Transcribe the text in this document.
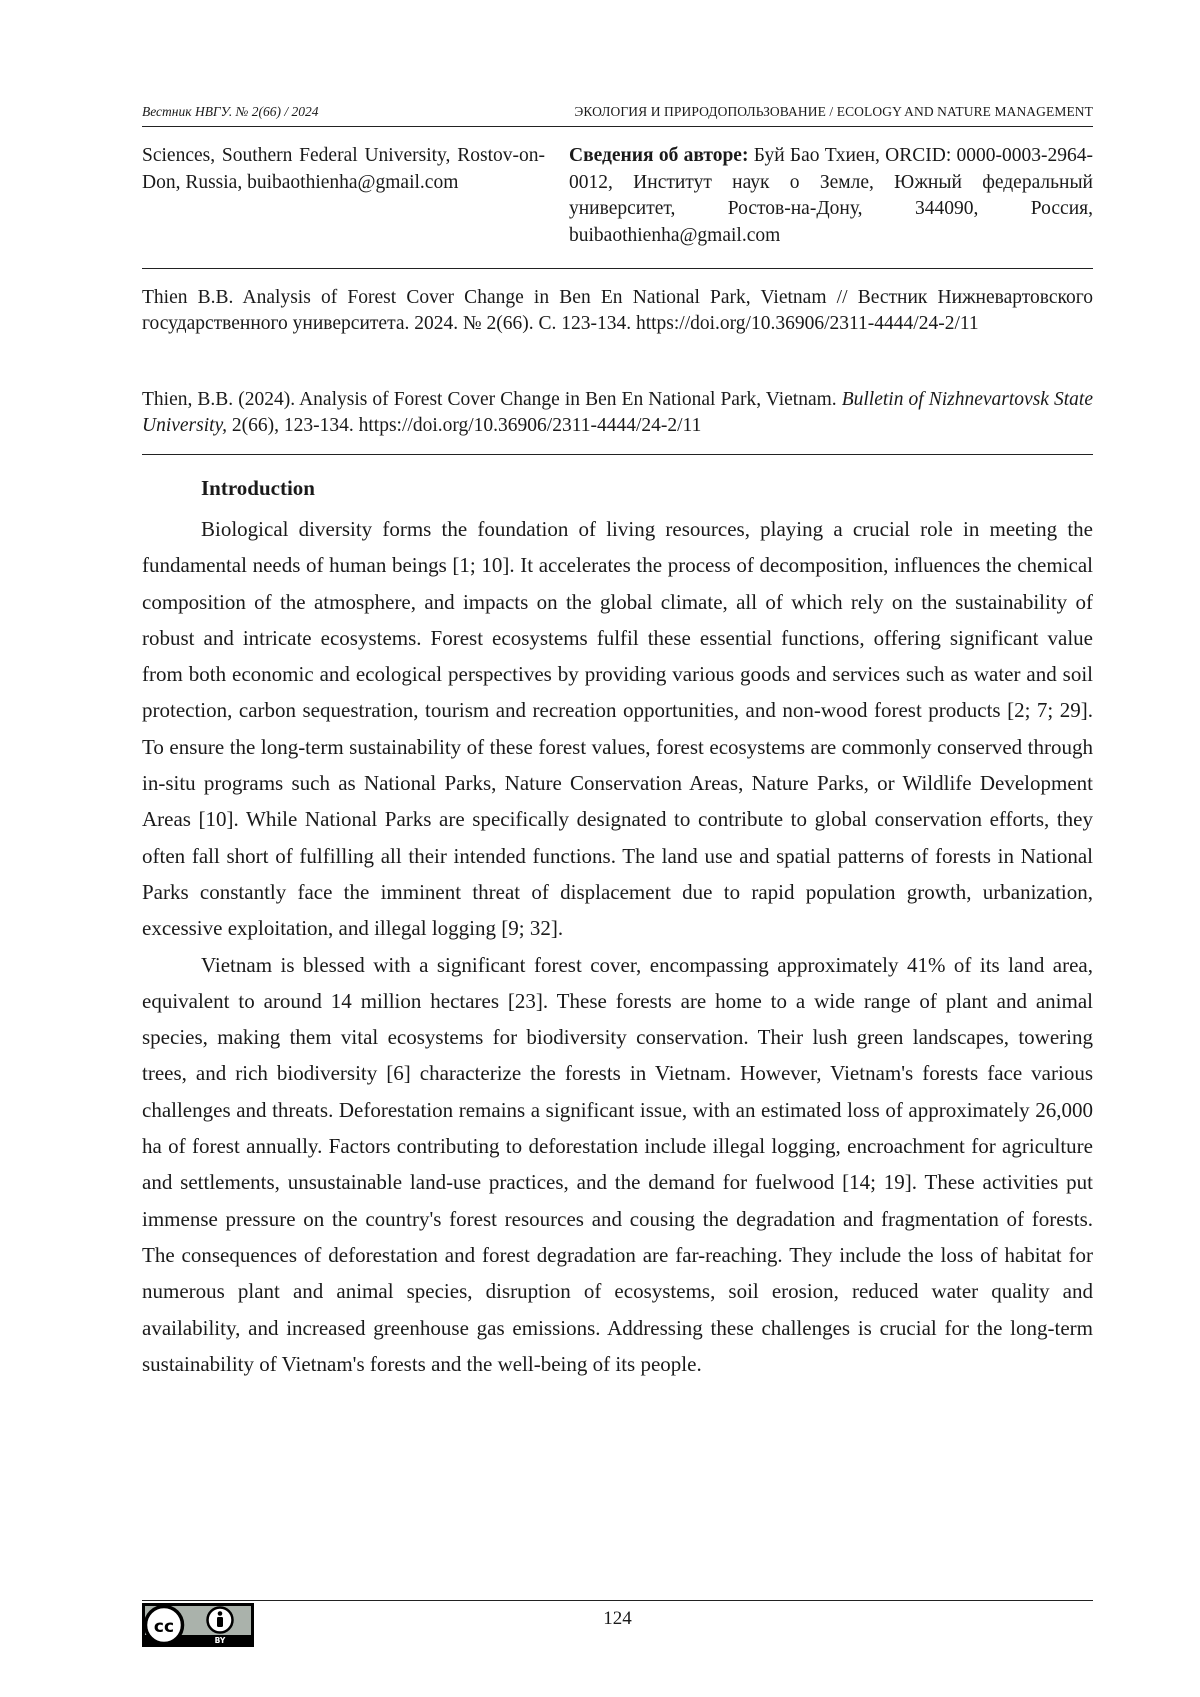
Вестник НВГУ. № 2(66) / 2024	ЭКОЛОГИЯ И ПРИРОДОПОЛЬЗОВАНИЕ / ECOLOGY AND NATURE MANAGEMENT
Sciences, Southern Federal University, Rostov-on-Don, Russia, buibaothienha@gmail.com
Сведения об авторе: Буй Бао Тхиен, ORCID: 0000-0003-2964-0012, Институт наук о Земле, Южный федеральный университет, Ростов-на-Дону, 344090, Россия, buibaothienha@gmail.com
Thien B.B. Analysis of Forest Cover Change in Ben En National Park, Vietnam // Вестник Нижневартовского государственного университета. 2024. № 2(66). С. 123-134. https://doi.org/10.36906/2311-4444/24-2/11
Thien, B.B. (2024). Analysis of Forest Cover Change in Ben En National Park, Vietnam. Bulletin of Nizhnevartovsk State University, 2(66), 123-134. https://doi.org/10.36906/2311-4444/24-2/11
Introduction

Biological diversity forms the foundation of living resources, playing a crucial role in meeting the fundamental needs of human beings [1; 10]. It accelerates the process of decomposition, influences the chemical composition of the atmosphere, and impacts on the global climate, all of which rely on the sustainability of robust and intricate ecosystems. Forest ecosystems fulfil these essential functions, offering significant value from both economic and ecological perspectives by providing various goods and services such as water and soil protection, carbon sequestration, tourism and recreation opportunities, and non-wood forest products [2; 7; 29]. To ensure the long-term sustainability of these forest values, forest ecosystems are commonly conserved through in-situ programs such as National Parks, Nature Conservation Areas, Nature Parks, or Wildlife Development Areas [10]. While National Parks are specifically designated to contribute to global conservation efforts, they often fall short of fulfilling all their intended functions. The land use and spatial patterns of forests in National Parks constantly face the imminent threat of displacement due to rapid population growth, urbanization, excessive exploitation, and illegal logging [9; 32].

Vietnam is blessed with a significant forest cover, encompassing approximately 41% of its land area, equivalent to around 14 million hectares [23]. These forests are home to a wide range of plant and animal species, making them vital ecosystems for biodiversity conservation. Their lush green landscapes, towering trees, and rich biodiversity [6] characterize the forests in Vietnam. However, Vietnam's forests face various challenges and threats. Deforestation remains a significant issue, with an estimated loss of approximately 26,000 ha of forest annually. Factors contributing to deforestation include illegal logging, encroachment for agriculture and settlements, unsustainable land-use practices, and the demand for fuelwood [14; 19]. These activities put immense pressure on the country's forest resources and cousing the degradation and fragmentation of forests. The consequences of deforestation and forest degradation are far-reaching. They include the loss of habitat for numerous plant and animal species, disruption of ecosystems, soil erosion, reduced water quality and availability, and increased greenhouse gas emissions. Addressing these challenges is crucial for the long-term sustainability of Vietnam's forests and the well-being of its people.

cc
BY
124
